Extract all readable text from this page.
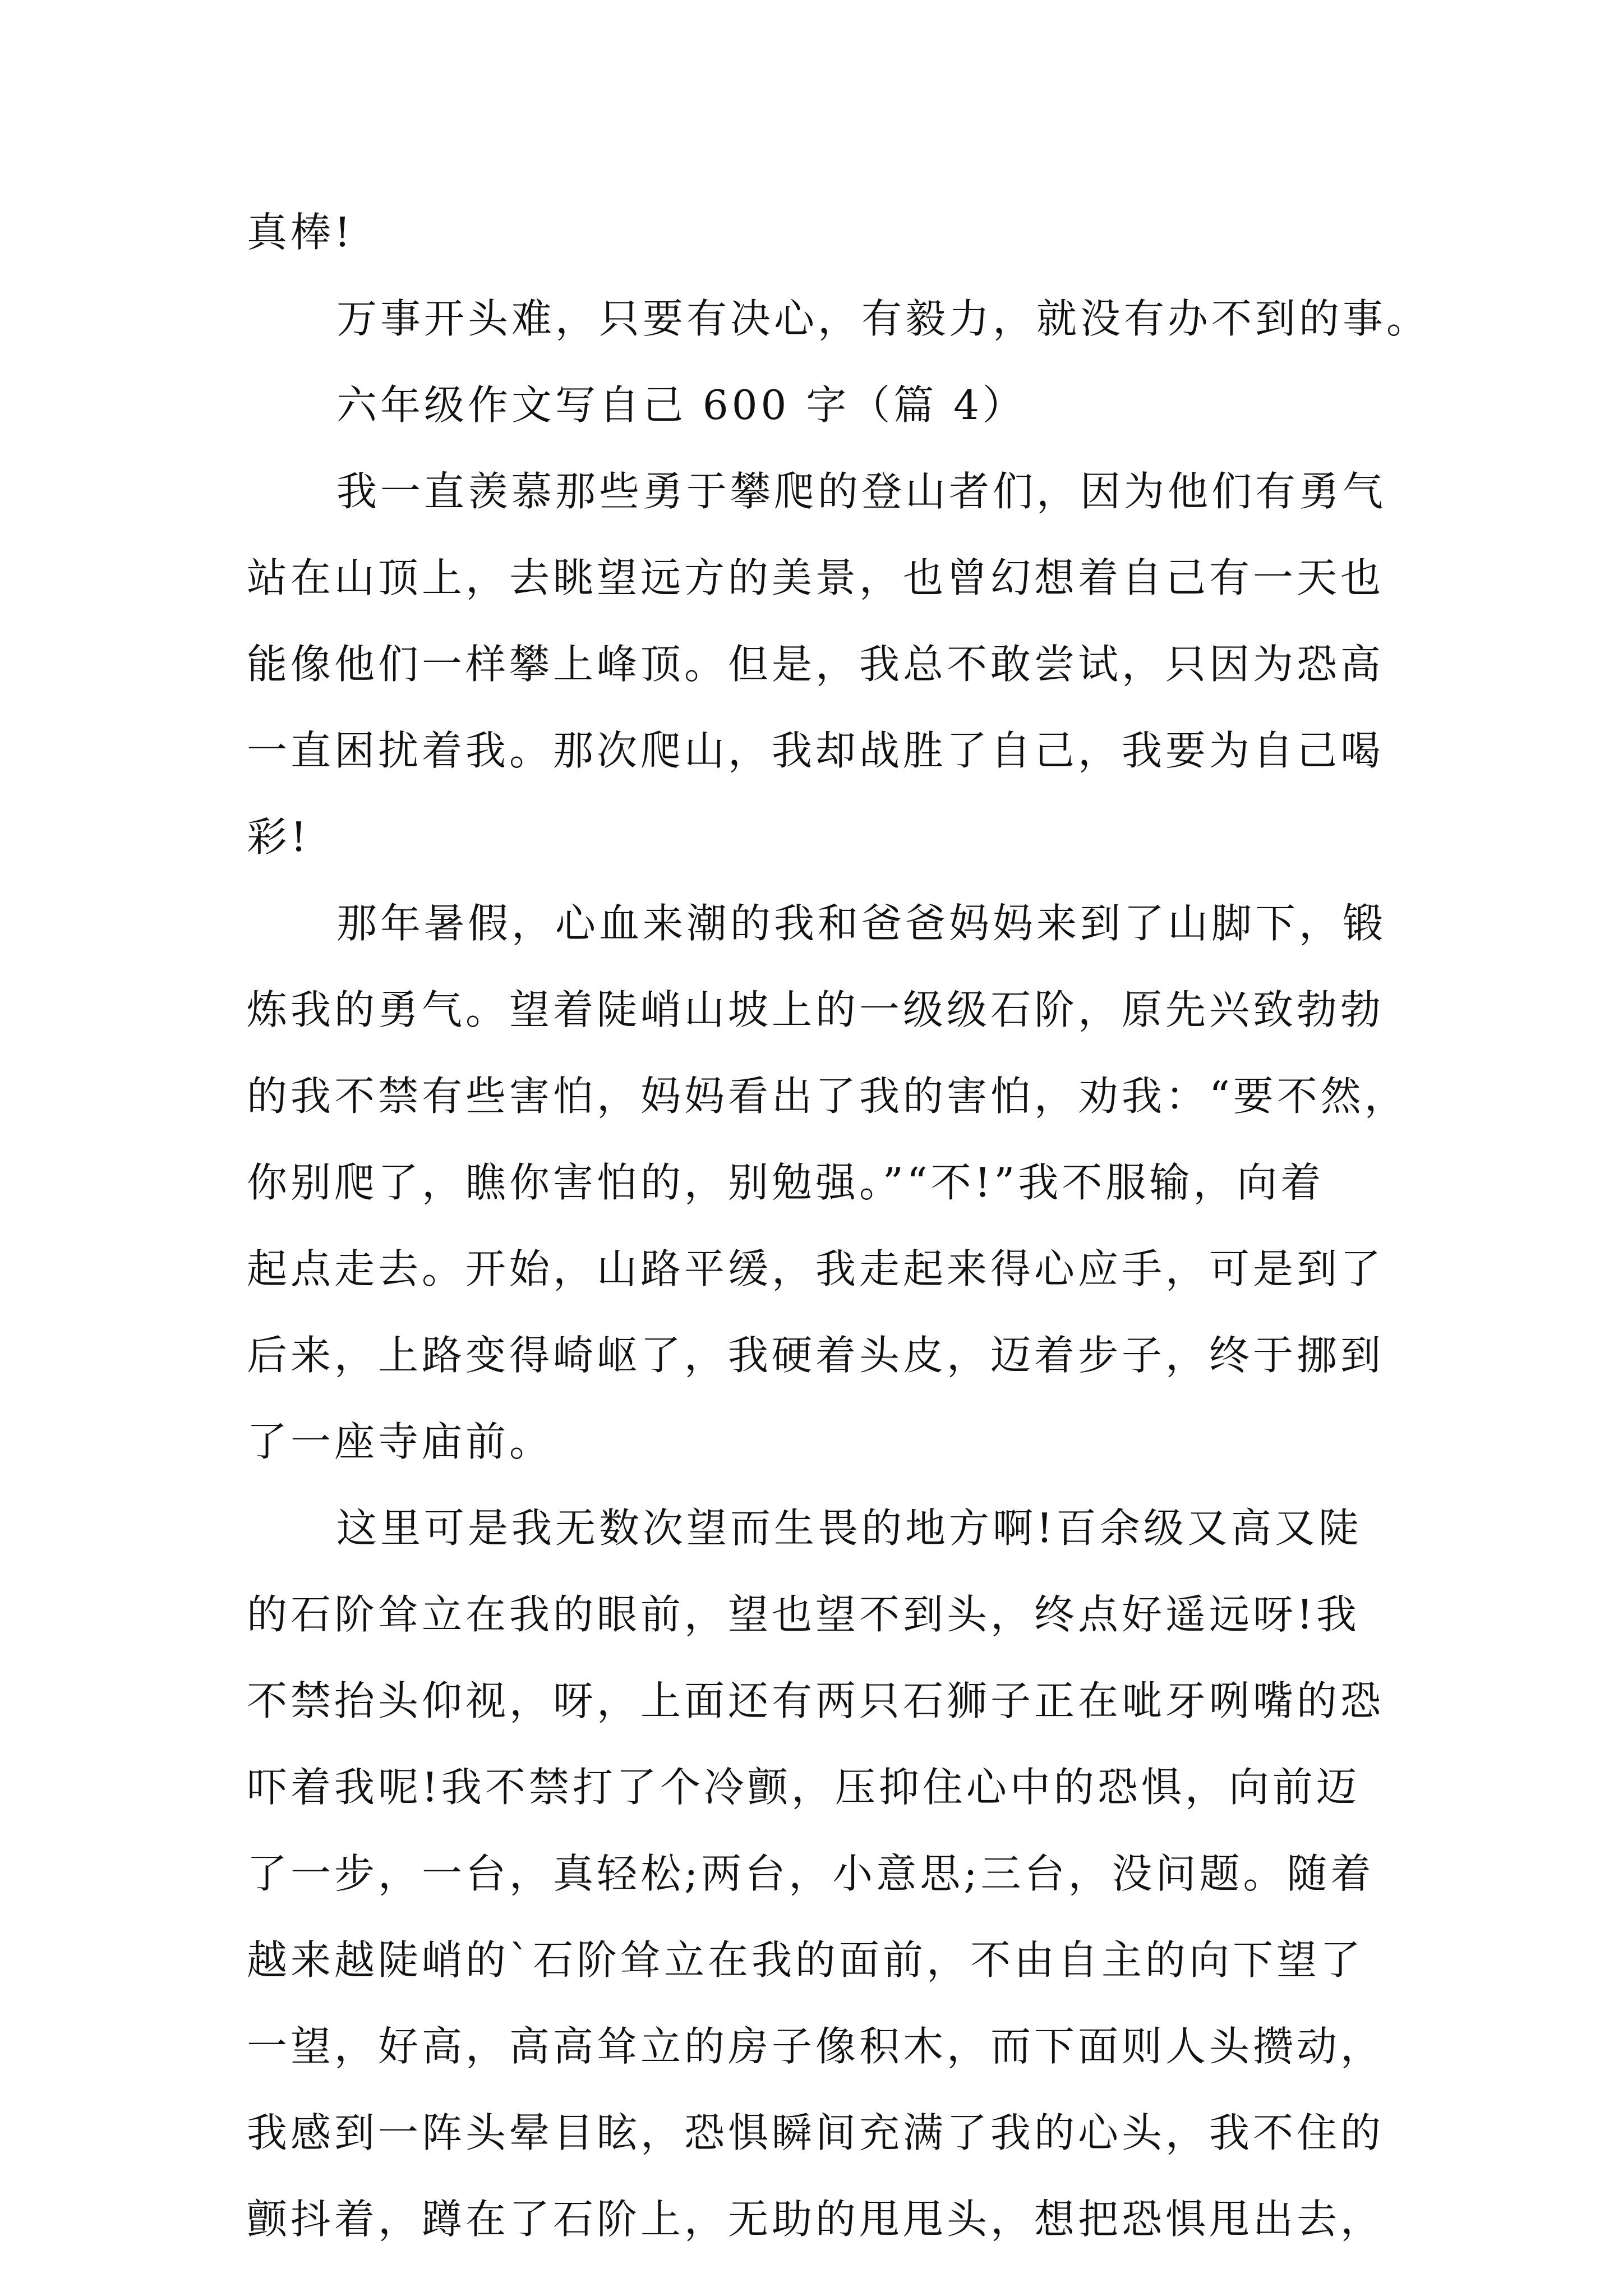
真棒!
万事开头难，只要有决心，有毅力，就没有办不到的事。
六年级作文写自己 600 字（篇 4）
我一直羡慕那些勇于攀爬的登山者们，因为他们有勇气
站在山顶上，去眺望远方的美景，也曾幻想着自己有一天也
能像他们一样攀上峰顶。但是，我总不敢尝试，只因为恐高
一直困扰着我。那次爬山，我却战胜了自己，我要为自己喝
彩!
那年暑假，心血来潮的我和爸爸妈妈来到了山脚下，锻
炼我的勇气。望着陡峭山坡上的一级级石阶，原先兴致勃勃
的我不禁有些害怕，妈妈看出了我的害怕，劝我：“要不然，
你别爬了，瞧你害怕的，别勉强。”“不!”我不服输，向着
起点走去。开始，山路平缓，我走起来得心应手，可是到了
后来，上路变得崎岖了，我硬着头皮，迈着步子，终于挪到
了一座寺庙前。
这里可是我无数次望而生畏的地方啊!百余级又高又陡
的石阶耸立在我的眼前，望也望不到头，终点好遥远呀!我
不禁抬头仰视，呀，上面还有两只石狮子正在呲牙咧嘴的恐
吓着我呢!我不禁打了个冷颤，压抑住心中的恐惧，向前迈
了一步，一台，真轻松;两台，小意思;三台，没问题。随着
越来越陡峭的`石阶耸立在我的面前，不由自主的向下望了
一望，好高，高高耸立的房子像积木，而下面则人头攒动，
我感到一阵头晕目眩，恐惧瞬间充满了我的心头，我不住的
颤抖着，蹲在了石阶上，无助的甩甩头，想把恐惧甩出去，
